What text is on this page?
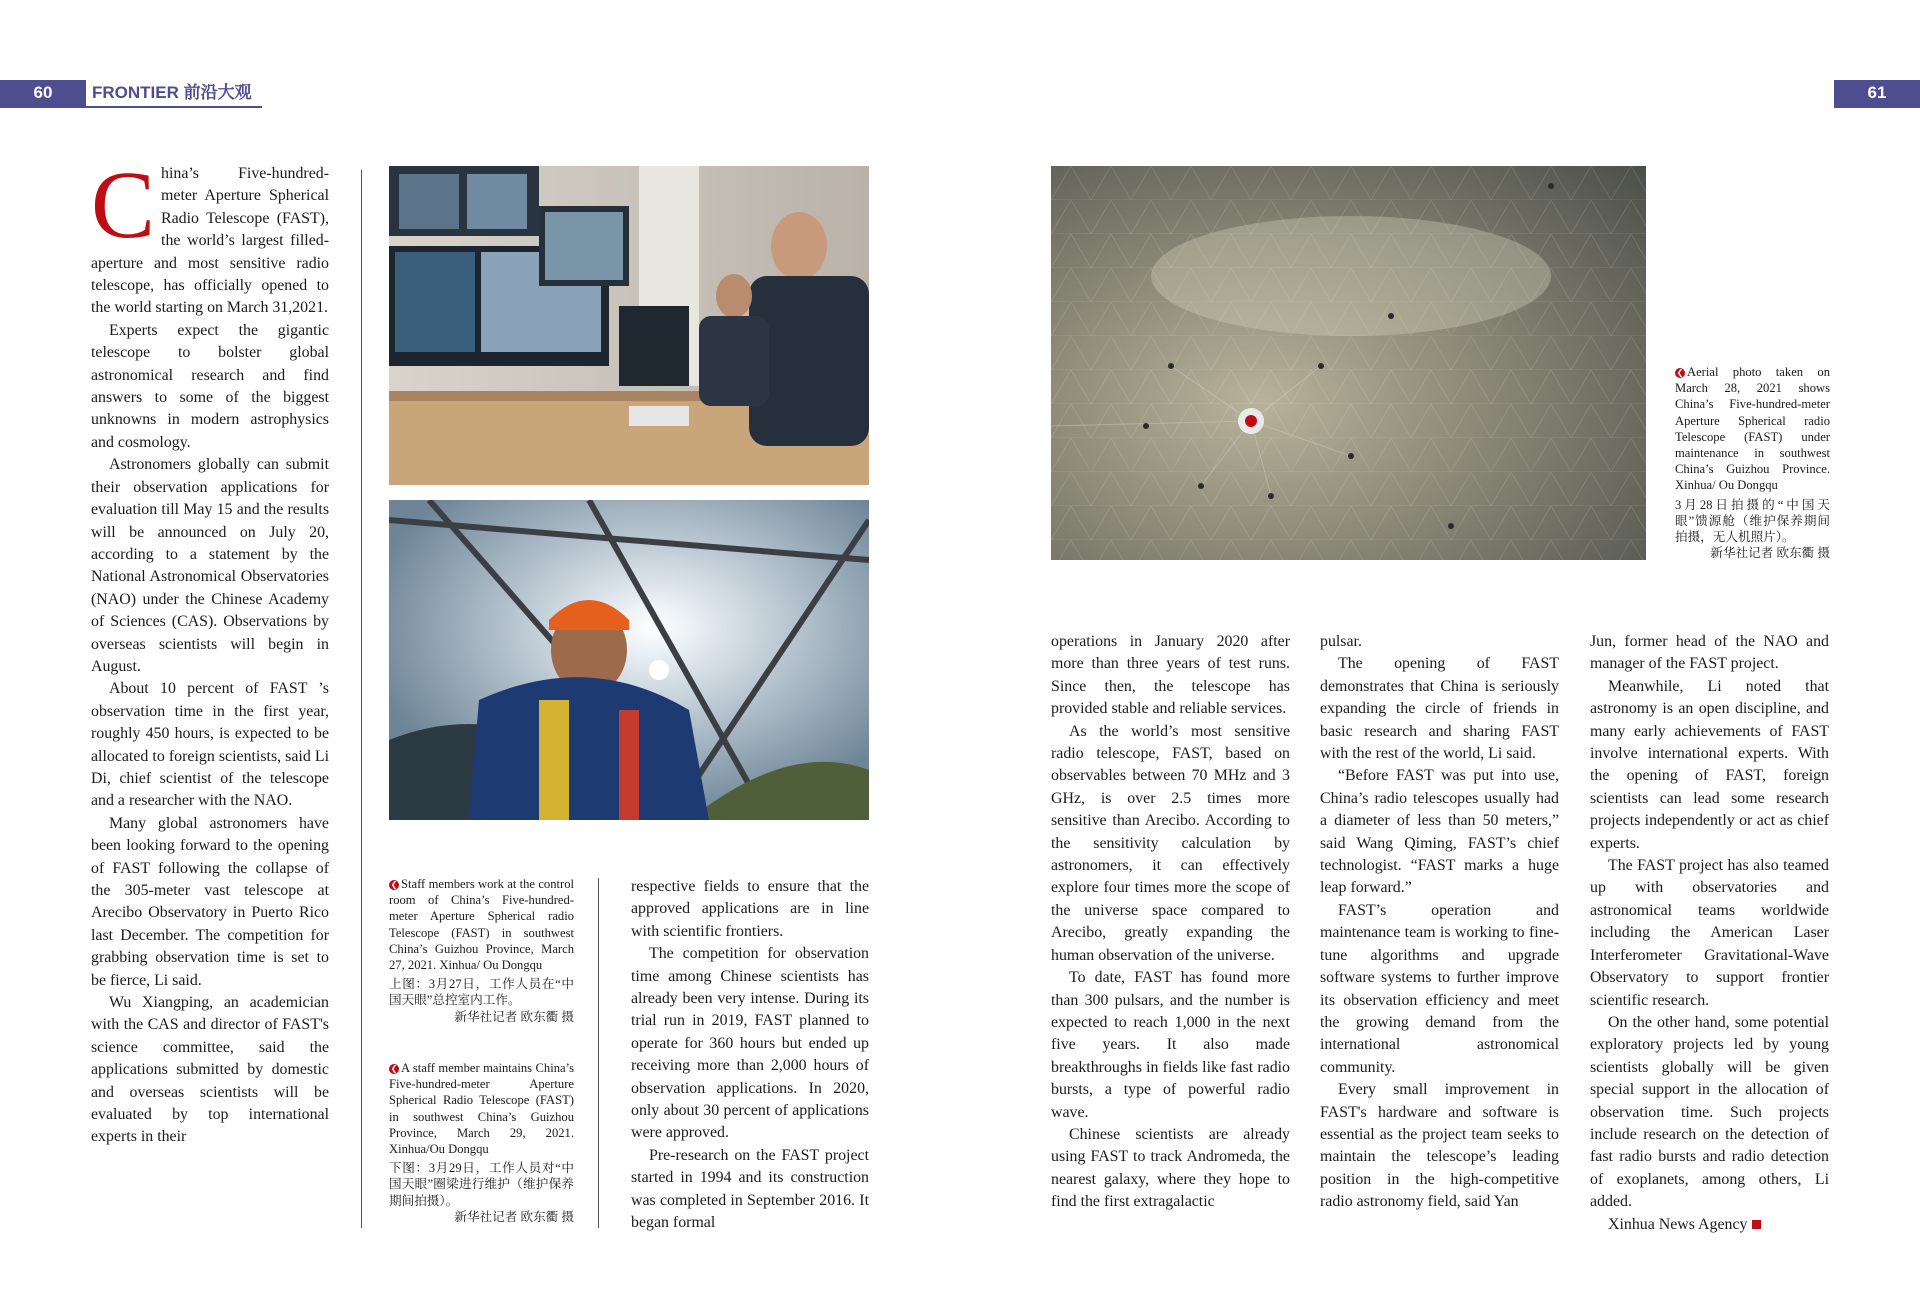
60	FRONTIER 前沿大观	61

China’s Five-hundred-meter Aperture Spherical Radio Telescope (FAST), the world’s largest filled-aperture and most sensitive radio telescope, has officially opened to the world starting on March 31,2021.

Experts expect the gigantic telescope to bolster global astronomical research and find answers to some of the biggest unknowns in modern astrophysics and cosmology.

Astronomers globally can submit their observation applications for evaluation till May 15 and the results will be announced on July 20, according to a statement by the National Astronomical Observatories (NAO) under the Chinese Academy of Sciences (CAS). Observations by overseas scientists will begin in August.

About 10 percent of FAST ’s observation time in the first year, roughly 450 hours, is expected to be allocated to foreign scientists, said Li Di, chief scientist of the telescope and a researcher with the NAO.

Many global astronomers have been looking forward to the opening of FAST following the collapse of the 305-meter vast telescope at Arecibo Observatory in Puerto Rico last December. The competition for grabbing observation time is set to be fierce, Li said.

Wu Xiangping, an academician with the CAS and director of FAST's science committee, said the applications submitted by domestic and overseas scientists will be evaluated by top international experts in their

❮ Staff members work at the control room of China’s Five-hundred-meter Aperture Spherical radio Telescope (FAST) in southwest China’s Guizhou Province, March 27, 2021. Xinhua/ Ou Dongqu

上图：3月27日，工作人员在“中国天眼”总控室内工作。

新华社记者 欧东衢 摄

❮ A staff member maintains China’s Five-hundred-meter Aperture Spherical Radio Telescope (FAST) in southwest China’s Guizhou Province, March 29, 2021. Xinhua/Ou Dongqu

下图：3月29日，工作人员对“中国天眼”圈梁进行维护（维护保养期间拍摄）。

新华社记者 欧东衢 摄

respective fields to ensure that the approved applications are in line with scientific frontiers.

The competition for observation time among Chinese scientists has already been very intense. During its trial run in 2019, FAST planned to operate for 360 hours but ended up receiving more than 2,000 hours of observation applications. In 2020, only about 30 percent of applications were approved.

Pre-research on the FAST project started in 1994 and its construction was completed in September 2016. It began formal

❮ Aerial photo taken on March 28, 2021 shows China’s Five-hundred-meter Aperture Spherical radio Telescope (FAST) under maintenance in southwest China’s Guizhou Province. Xinhua/ Ou Dongqu

3月28日拍摄的“中国天眼”馈源舱（维护保养期间拍摄，无人机照片）。

新华社记者 欧东衢 摄

operations in January 2020 after more than three years of test runs. Since then, the telescope has provided stable and reliable services.

As the world’s most sensitive radio telescope, FAST, based on observables between 70 MHz and 3 GHz, is over 2.5 times more sensitive than Arecibo. According to the sensitivity calculation by astronomers, it can effectively explore four times more the scope of the universe space compared to Arecibo, greatly expanding the human observation of the universe.

To date, FAST has found more than 300 pulsars, and the number is expected to reach 1,000 in the next five years. It also made breakthroughs in fields like fast radio bursts, a type of powerful radio wave.

Chinese scientists are already using FAST to track Andromeda, the nearest galaxy, where they hope to find the first extragalactic

pulsar.

The opening of FAST demonstrates that China is seriously expanding the circle of friends in basic research and sharing FAST with the rest of the world, Li said.

“Before FAST was put into use, China’s radio telescopes usually had a diameter of less than 50 meters,” said Wang Qiming, FAST’s chief technologist. “FAST marks a huge leap forward.”

FAST’s operation and maintenance team is working to fine-tune algorithms and upgrade software systems to further improve its observation efficiency and meet the growing demand from the international astronomical community.

Every small improvement in FAST's hardware and software is essential as the project team seeks to maintain the telescope’s leading position in the high-competitive radio astronomy field, said Yan

Jun, former head of the NAO and manager of the FAST project.

Meanwhile, Li noted that astronomy is an open discipline, and many early achievements of FAST involve international experts. With the opening of FAST, foreign scientists can lead some research projects independently or act as chief experts.

The FAST project has also teamed up with observatories and astronomical teams worldwide including the American Laser Interferometer Gravitational-Wave Observatory to support frontier scientific research.

On the other hand, some potential exploratory projects led by young scientists globally will be given special support in the allocation of observation time. Such projects include research on the detection of fast radio bursts and radio detection of exoplanets, among others, Li added.

Xinhua News Agency
